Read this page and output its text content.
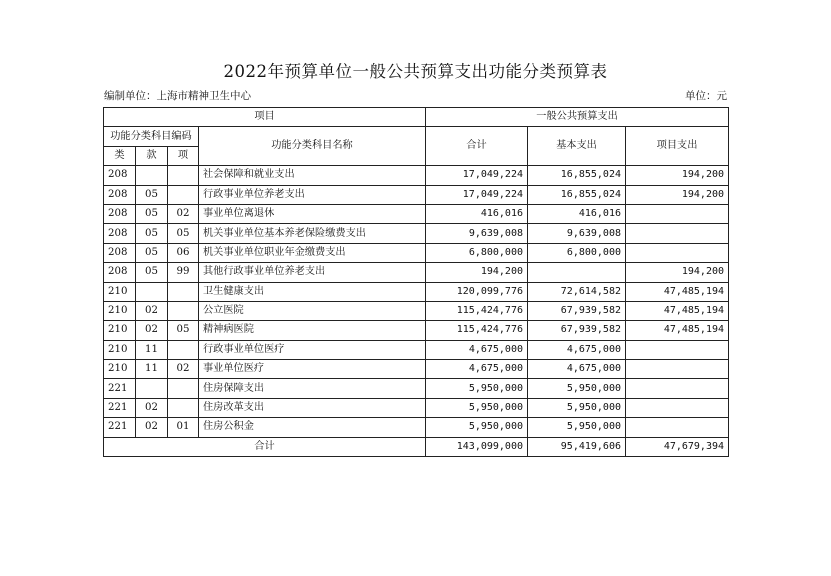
2022年预算单位一般公共预算支出功能分类预算表
编制单位：上海市精神卫生中心	单位：元
项目				一般公共预算支出		
功能分类科目编码			功能分类科目名称	合计	基本支出	项目支出
类	款	项				
208			社会保障和就业支出	17,049,224	16,855,024	194,200
208	05		行政事业单位养老支出	17,049,224	16,855,024	194,200
208	05	02	事业单位离退休	416,016	416,016	
208	05	05	机关事业单位基本养老保险缴费支出	9,639,008	9,639,008	
208	05	06	机关事业单位职业年金缴费支出	6,800,000	6,800,000	
208	05	99	其他行政事业单位养老支出	194,200		194,200
210			卫生健康支出	120,099,776	72,614,582	47,485,194
210	02		公立医院	115,424,776	67,939,582	47,485,194
210	02	05	精神病医院	115,424,776	67,939,582	47,485,194
210	11		行政事业单位医疗	4,675,000	4,675,000	
210	11	02	事业单位医疗	4,675,000	4,675,000	
221			住房保障支出	5,950,000	5,950,000	
221	02		住房改革支出	5,950,000	5,950,000	
221	02	01	住房公积金	5,950,000	5,950,000	
合计				143,099,000	95,419,606	47,679,394
